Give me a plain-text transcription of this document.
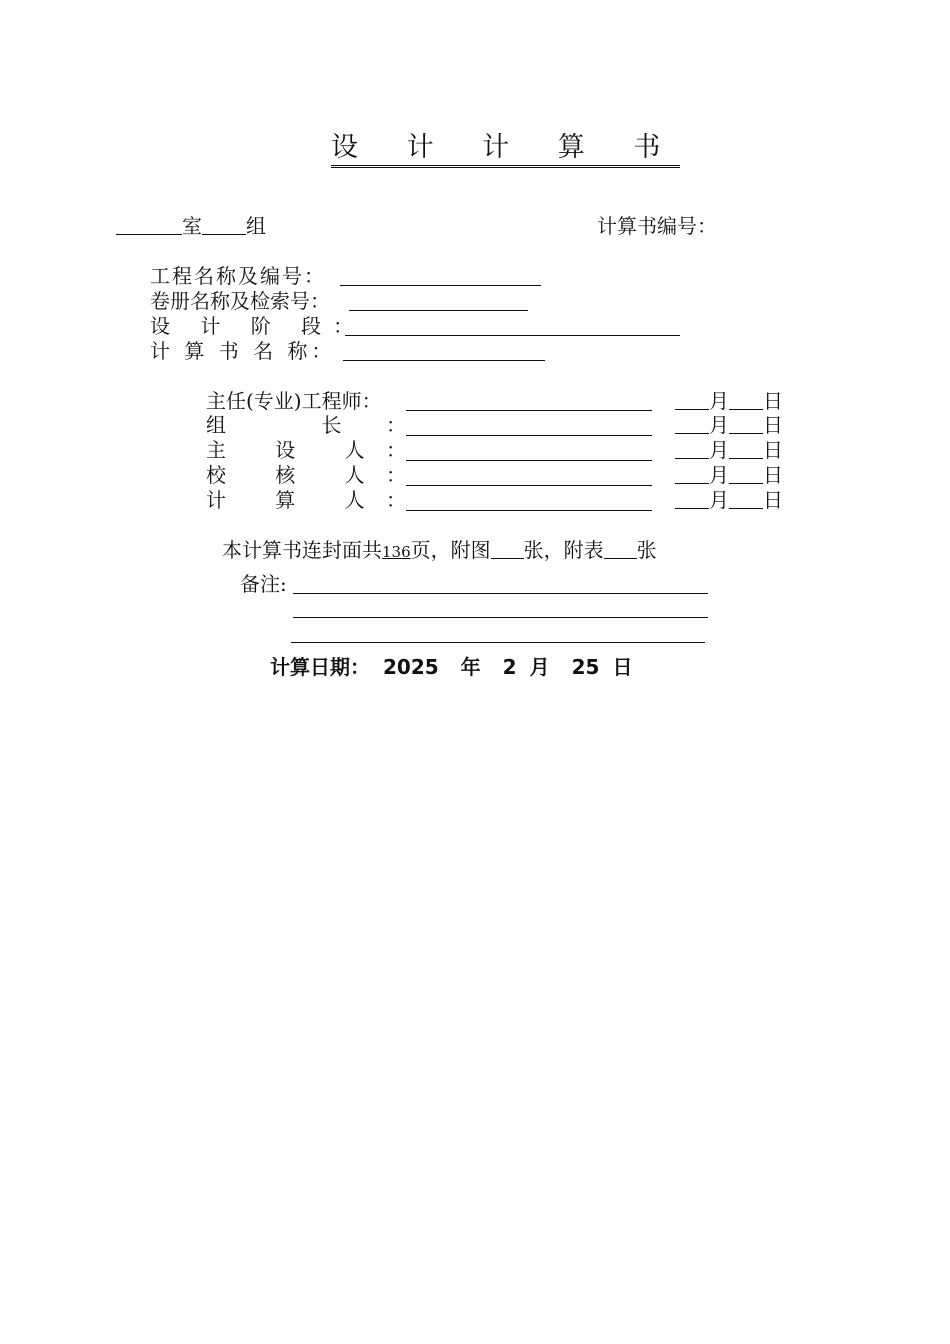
设 计 计 算 书
室 组	计算书编号：
工程名称及编号：
卷册名称及检索号：
设 计 阶 段：
计 算 书 名 称：
主任(专业)工程师：
组 长：
主 设 人：
校 核 人：
计 算 人：
月 日
月 日
月 日
月 日
月 日
本计算书连封面共136页，附图 张，附表 张
备注:
计算日期： 2025 年 2 月 25 日
